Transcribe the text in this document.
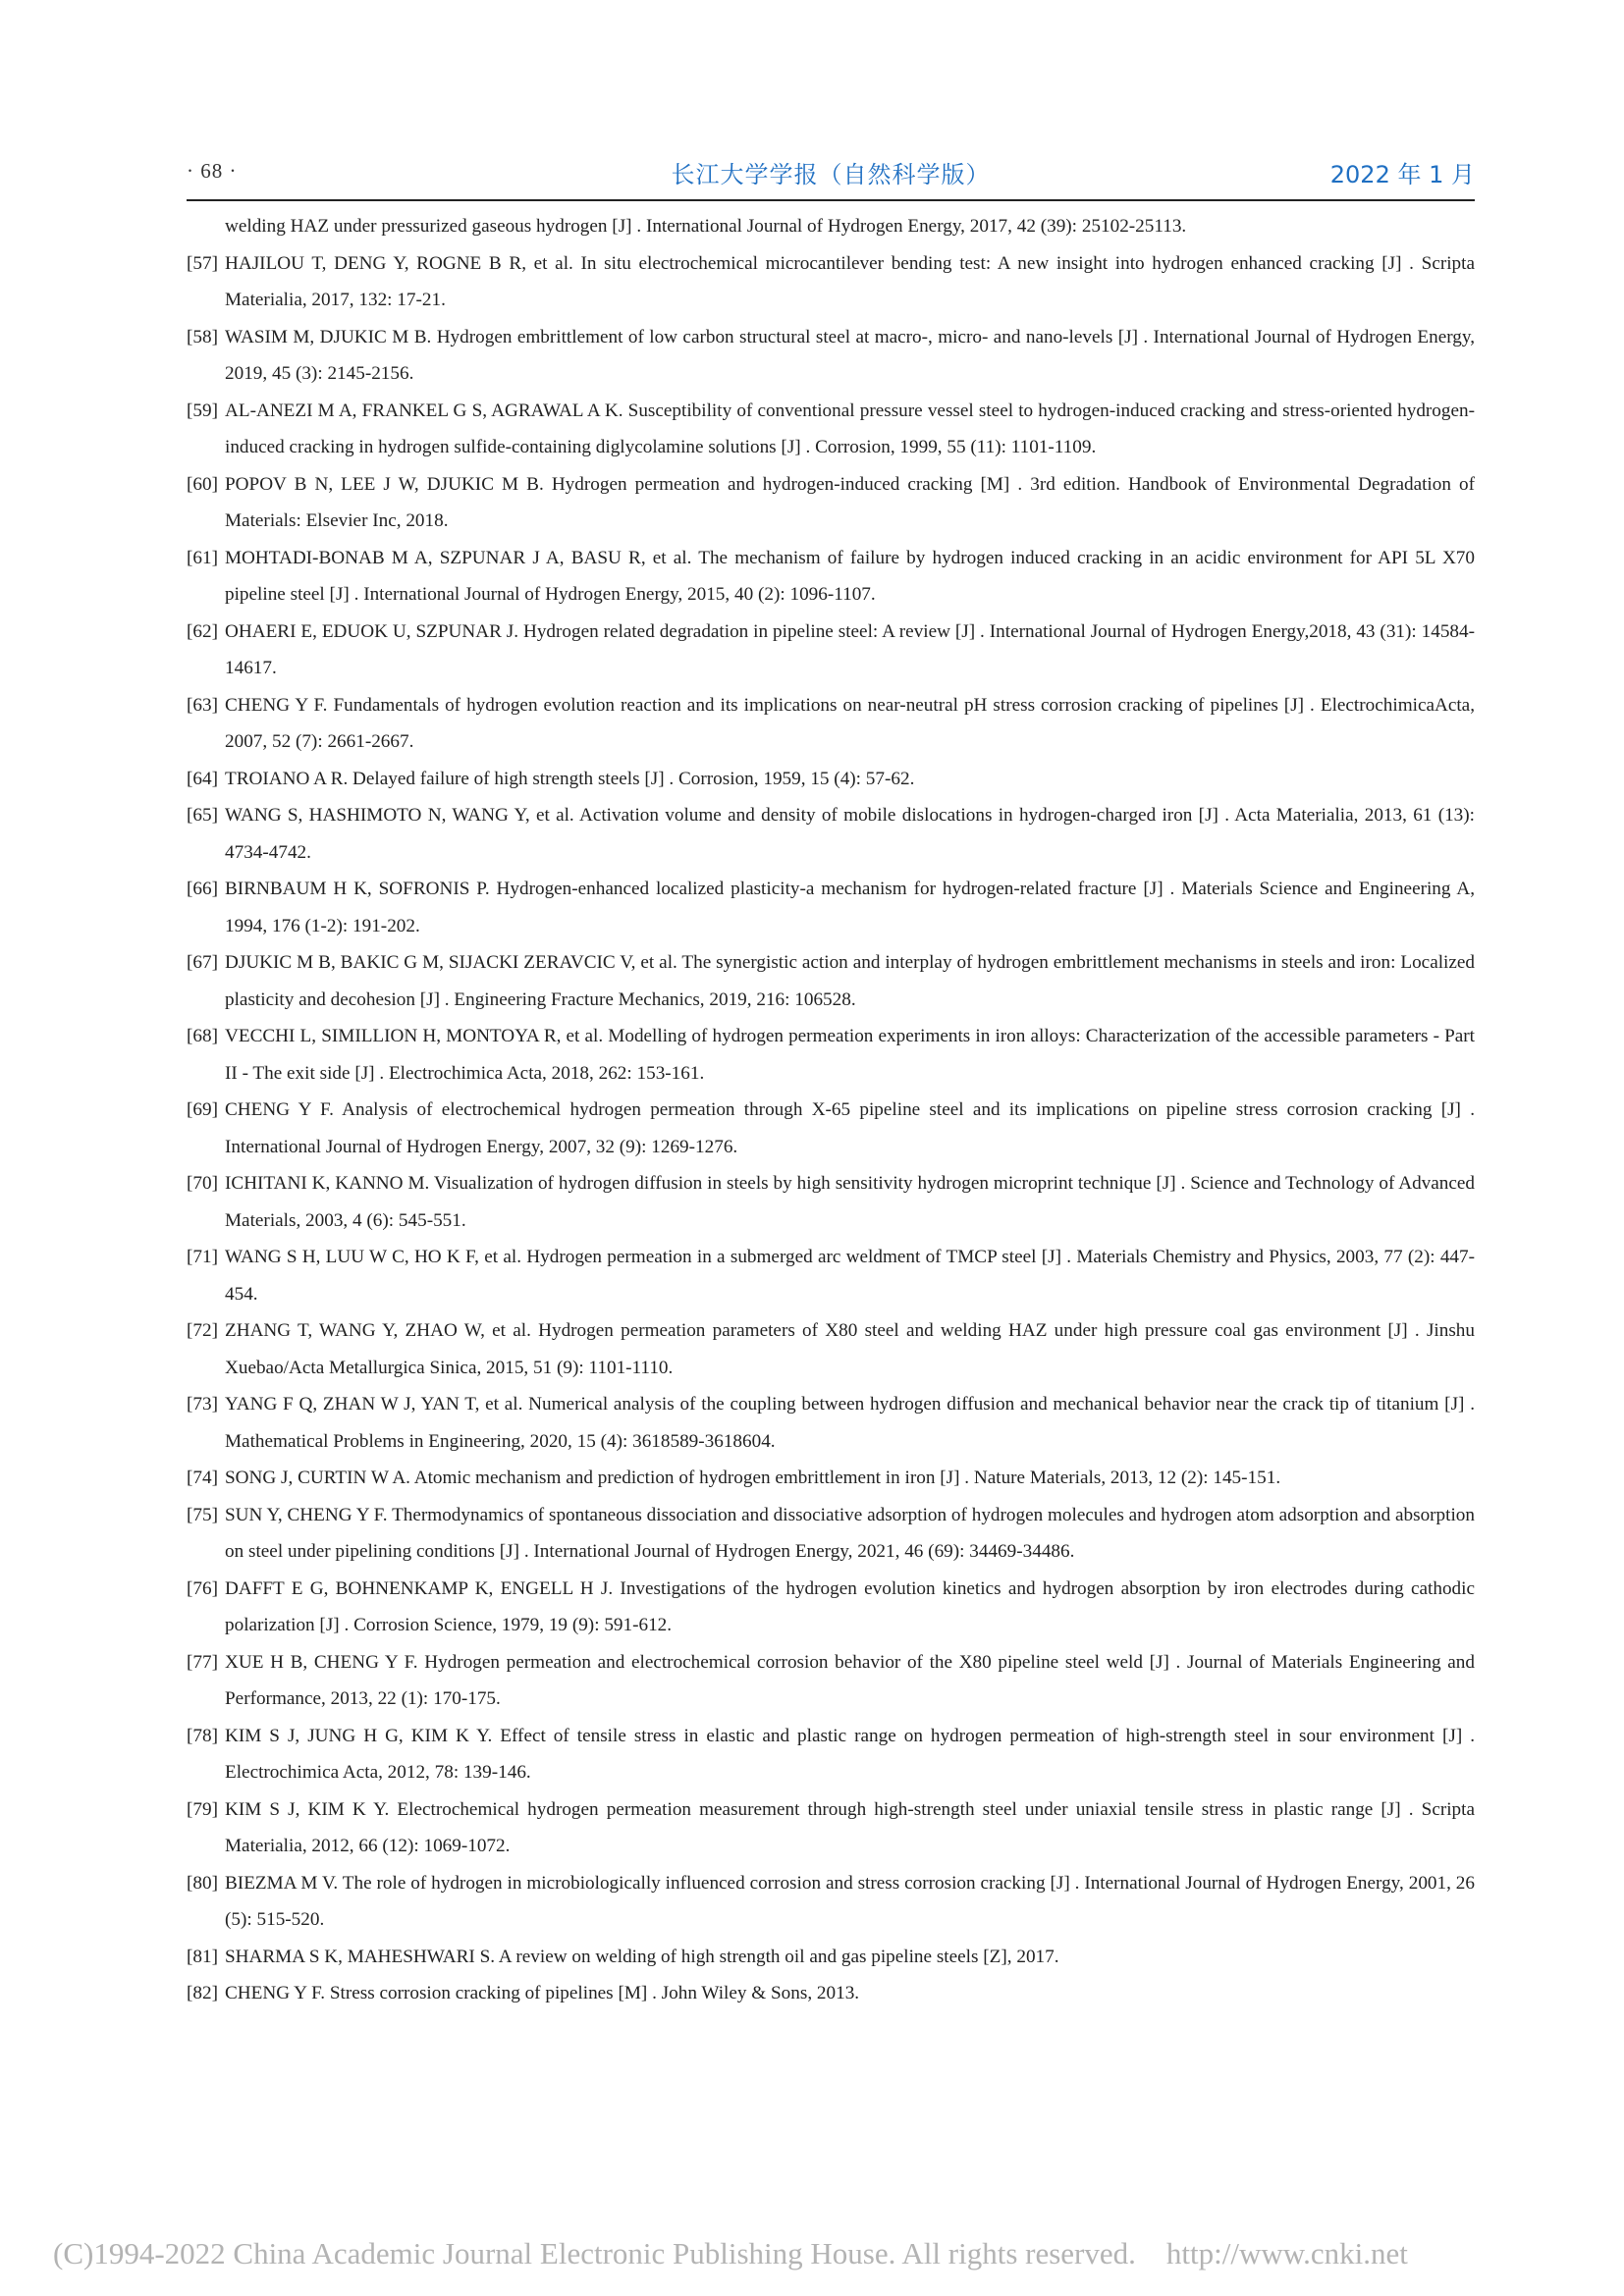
· 68 ·	长江大学学报（自然科学版）	2022 年 1 月
welding HAZ under pressurized gaseous hydrogen [J] . International Journal of Hydrogen Energy, 2017, 42 (39): 25102-25113.
[57] HAJILOU T, DENG Y, ROGNE B R, et al. In situ electrochemical microcantilever bending test: A new insight into hydrogen enhanced cracking [J] . Scripta Materialia, 2017, 132: 17-21.
[58] WASIM M, DJUKIC M B. Hydrogen embrittlement of low carbon structural steel at macro-, micro- and nano-levels [J] . International Journal of Hydrogen Energy, 2019, 45 (3): 2145-2156.
[59] AL-ANEZI M A, FRANKEL G S, AGRAWAL A K. Susceptibility of conventional pressure vessel steel to hydrogen-induced cracking and stress-oriented hydrogen-induced cracking in hydrogen sulfide-containing diglycolamine solutions [J] . Corrosion, 1999, 55 (11): 1101-1109.
[60] POPOV B N, LEE J W, DJUKIC M B. Hydrogen permeation and hydrogen-induced cracking [M] . 3rd edition. Handbook of Environmental Degradation of Materials: Elsevier Inc, 2018.
[61] MOHTADI-BONAB M A, SZPUNAR J A, BASU R, et al. The mechanism of failure by hydrogen induced cracking in an acidic environment for API 5L X70 pipeline steel [J] . International Journal of Hydrogen Energy, 2015, 40 (2): 1096-1107.
[62] OHAERI E, EDUOK U, SZPUNAR J. Hydrogen related degradation in pipeline steel: A review [J] . International Journal of Hydrogen Energy,2018, 43 (31): 14584-14617.
[63] CHENG Y F. Fundamentals of hydrogen evolution reaction and its implications on near-neutral pH stress corrosion cracking of pipelines [J] . ElectrochimicaActa, 2007, 52 (7): 2661-2667.
[64] TROIANO A R. Delayed failure of high strength steels [J] . Corrosion, 1959, 15 (4): 57-62.
[65] WANG S, HASHIMOTO N, WANG Y, et al. Activation volume and density of mobile dislocations in hydrogen-charged iron [J] . Acta Materialia, 2013, 61 (13): 4734-4742.
[66] BIRNBAUM H K, SOFRONIS P. Hydrogen-enhanced localized plasticity-a mechanism for hydrogen-related fracture [J] . Materials Science and Engineering A, 1994, 176 (1-2): 191-202.
[67] DJUKIC M B, BAKIC G M, SIJACKI ZERAVCIC V, et al. The synergistic action and interplay of hydrogen embrittlement mechanisms in steels and iron: Localized plasticity and decohesion [J] . Engineering Fracture Mechanics, 2019, 216: 106528.
[68] VECCHI L, SIMILLION H, MONTOYA R, et al. Modelling of hydrogen permeation experiments in iron alloys: Characterization of the accessible parameters - Part II - The exit side [J] . Electrochimica Acta, 2018, 262: 153-161.
[69] CHENG Y F. Analysis of electrochemical hydrogen permeation through X-65 pipeline steel and its implications on pipeline stress corrosion cracking [J] . International Journal of Hydrogen Energy, 2007, 32 (9): 1269-1276.
[70] ICHITANI K, KANNO M. Visualization of hydrogen diffusion in steels by high sensitivity hydrogen microprint technique [J] . Science and Technology of Advanced Materials, 2003, 4 (6): 545-551.
[71] WANG S H, LUU W C, HO K F, et al. Hydrogen permeation in a submerged arc weldment of TMCP steel [J] . Materials Chemistry and Physics, 2003, 77 (2): 447-454.
[72] ZHANG T, WANG Y, ZHAO W, et al. Hydrogen permeation parameters of X80 steel and welding HAZ under high pressure coal gas environment [J] . Jinshu Xuebao/Acta Metallurgica Sinica, 2015, 51 (9): 1101-1110.
[73] YANG F Q, ZHAN W J, YAN T, et al. Numerical analysis of the coupling between hydrogen diffusion and mechanical behavior near the crack tip of titanium [J] . Mathematical Problems in Engineering, 2020, 15 (4): 3618589-3618604.
[74] SONG J, CURTIN W A. Atomic mechanism and prediction of hydrogen embrittlement in iron [J] . Nature Materials, 2013, 12 (2): 145-151.
[75] SUN Y, CHENG Y F. Thermodynamics of spontaneous dissociation and dissociative adsorption of hydrogen molecules and hydrogen atom adsorption and absorption on steel under pipelining conditions [J] . International Journal of Hydrogen Energy, 2021, 46 (69): 34469-34486.
[76] DAFFT E G, BOHNENKAMP K, ENGELL H J. Investigations of the hydrogen evolution kinetics and hydrogen absorption by iron electrodes during cathodic polarization [J] . Corrosion Science, 1979, 19 (9): 591-612.
[77] XUE H B, CHENG Y F. Hydrogen permeation and electrochemical corrosion behavior of the X80 pipeline steel weld [J] . Journal of Materials Engineering and Performance, 2013, 22 (1): 170-175.
[78] KIM S J, JUNG H G, KIM K Y. Effect of tensile stress in elastic and plastic range on hydrogen permeation of high-strength steel in sour environment [J] . Electrochimica Acta, 2012, 78: 139-146.
[79] KIM S J, KIM K Y. Electrochemical hydrogen permeation measurement through high-strength steel under uniaxial tensile stress in plastic range [J] . Scripta Materialia, 2012, 66 (12): 1069-1072.
[80] BIEZMA M V. The role of hydrogen in microbiologically influenced corrosion and stress corrosion cracking [J] . International Journal of Hydrogen Energy, 2001, 26 (5): 515-520.
[81] SHARMA S K, MAHESHWARI S. A review on welding of high strength oil and gas pipeline steels [Z], 2017.
[82] CHENG Y F. Stress corrosion cracking of pipelines [M] . John Wiley & Sons, 2013.
(C)1994-2022 China Academic Journal Electronic Publishing House. All rights reserved.    http://www.cnki.net
